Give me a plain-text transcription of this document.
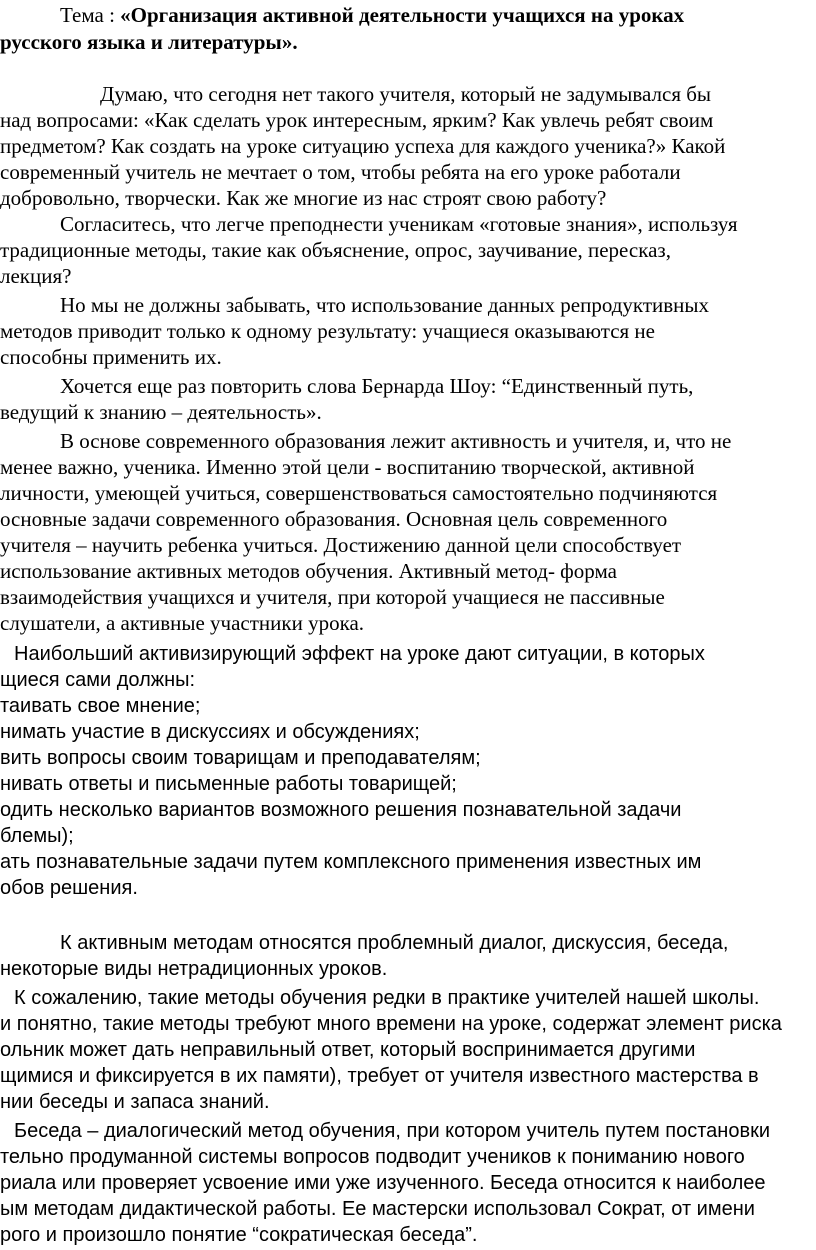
Тема : «Организация активной деятельности учащихся на уроках
русского языка и литературы».
Думаю, что сегодня нет такого учителя, который не задумывался бы
над вопросами: «Как сделать урок интересным, ярким? Как увлечь ребят своим
предметом? Как создать на уроке ситуацию успеха для каждого ученика?» Какой
современный учитель не мечтает о том, чтобы ребята на его уроке работали
добровольно, творчески. Как же многие из нас строят свою работу?
Согласитесь, что легче преподнести ученикам «готовые знания», используя
традиционные методы, такие как объяснение, опрос, заучивание, пересказ,
лекция?
Но мы не должны забывать, что использование данных репродуктивных
методов приводит только к одному результату: учащиеся оказываются не
способны применить их.
Хочется еще раз повторить слова Бернарда Шоу: “Единственный путь,
ведущий к знанию – деятельность».
В основе современного образования лежит активность и учителя, и, что не
менее важно, ученика. Именно этой цели - воспитанию творческой, активной
личности, умеющей учиться, совершенствоваться самостоятельно подчиняются
основные задачи современного образования. Основная цель современного
учителя – научить ребенка учиться. Достижению данной цели способствует
использование активных методов обучения. Активный метод- форма
взаимодействия учащихся и учителя, при которой учащиеся не пассивные
слушатели, а активные участники урока.
Наибольший активизирующий эффект на уроке дают ситуации, в которых
щиеся сами должны:
таивать свое мнение;
нимать участие в дискуссиях и обсуждениях;
вить вопросы своим товарищам и преподавателям;
нивать ответы и письменные работы товарищей;
одить несколько вариантов возможного решения познавательной задачи
блемы);
ать познавательные задачи путем комплексного применения известных им
обов решения.
К активным методам относятся проблемный диалог, дискуссия, беседа,
некоторые виды нетрадиционных уроков.
К сожалению, такие методы обучения редки в практике учителей нашей школы.
и понятно, такие методы требуют много времени на уроке, содержат элемент риска
ольник может дать неправильный ответ, который воспринимается другими
щимися и фиксируется в их памяти), требует от учителя известного мастерства в
нии беседы и запаса знаний.
Беседа – диалогический метод обучения, при котором учитель путем постановки
тельно продуманной системы вопросов подводит учеников к пониманию нового
риала или проверяет усвоение ими уже изученного. Беседа относится к наиболее
ым методам дидактической работы. Ее мастерски использовал Сократ, от имени
рого и произошло понятие “сократическая беседа”.
